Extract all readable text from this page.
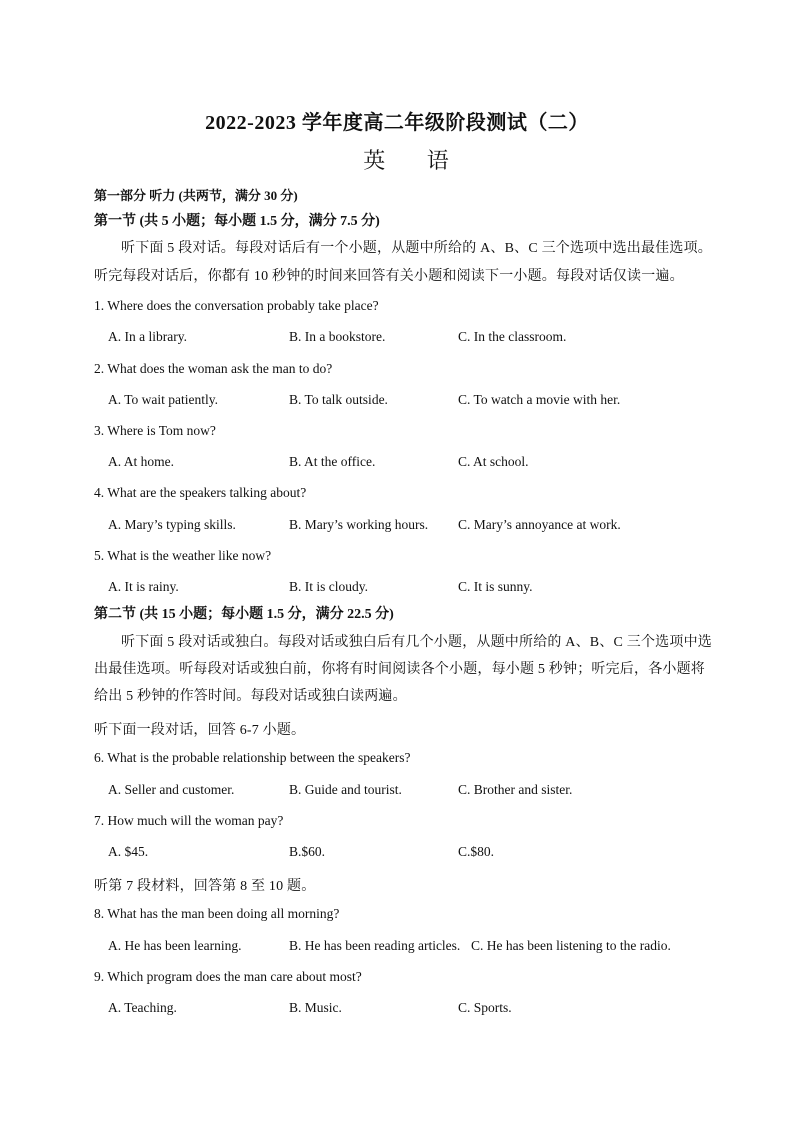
2022-2023 学年度高二年级阶段测试（二）
英 语
第一部分 听力 (共两节，满分 30 分)
第一节 (共 5 小题；每小题 1.5 分，满分 7.5 分)
听下面 5 段对话。每段对话后有一个小题，从题中所给的 A、B、C 三个选项中选出最佳选项。
听完每段对话后，你都有 10 秒钟的时间来回答有关小题和阅读下一小题。每段对话仅读一遍。
1. Where does the conversation probably take place?
A. In a library.	B. In a bookstore.	C. In the classroom.
2. What does the woman ask the man to do?
A. To wait patiently.	B. To talk outside.	C. To watch a movie with her.
3. Where is Tom now?
A. At home.	B. At the office.	C. At school.
4. What are the speakers talking about?
A. Mary’s typing skills.	B. Mary’s working hours. C. Mary’s annoyance at work.
5. What is the weather like now?
A. It is rainy.	B. It is cloudy.	C. It is sunny.
第二节 (共 15 小题；每小题 1.5 分，满分 22.5 分)
听下面 5 段对话或独白。每段对话或独白后有几个小题，从题中所给的 A、B、C 三个选项中选
出最佳选项。听每段对话或独白前，你将有时间阅读各个小题，每小题 5 秒钟；听完后，各小题将
给出 5 秒钟的作答时间。每段对话或独白读两遍。
听下面一段对话，回答 6-7 小题。
6. What is the probable relationship between the speakers?
A. Seller and customer.	B. Guide and tourist.	C. Brother and sister.
7. How much will the woman pay?
A. $45.	B.$60.	C.$80.
听第 7 段材料，回答第 8 至 10 题。
8. What has the man been doing all morning?
A. He has been learning.	B. He has been reading articles. C. He has been listening to the radio.
9. Which program does the man care about most?
A. Teaching.	B. Music.	C. Sports.
